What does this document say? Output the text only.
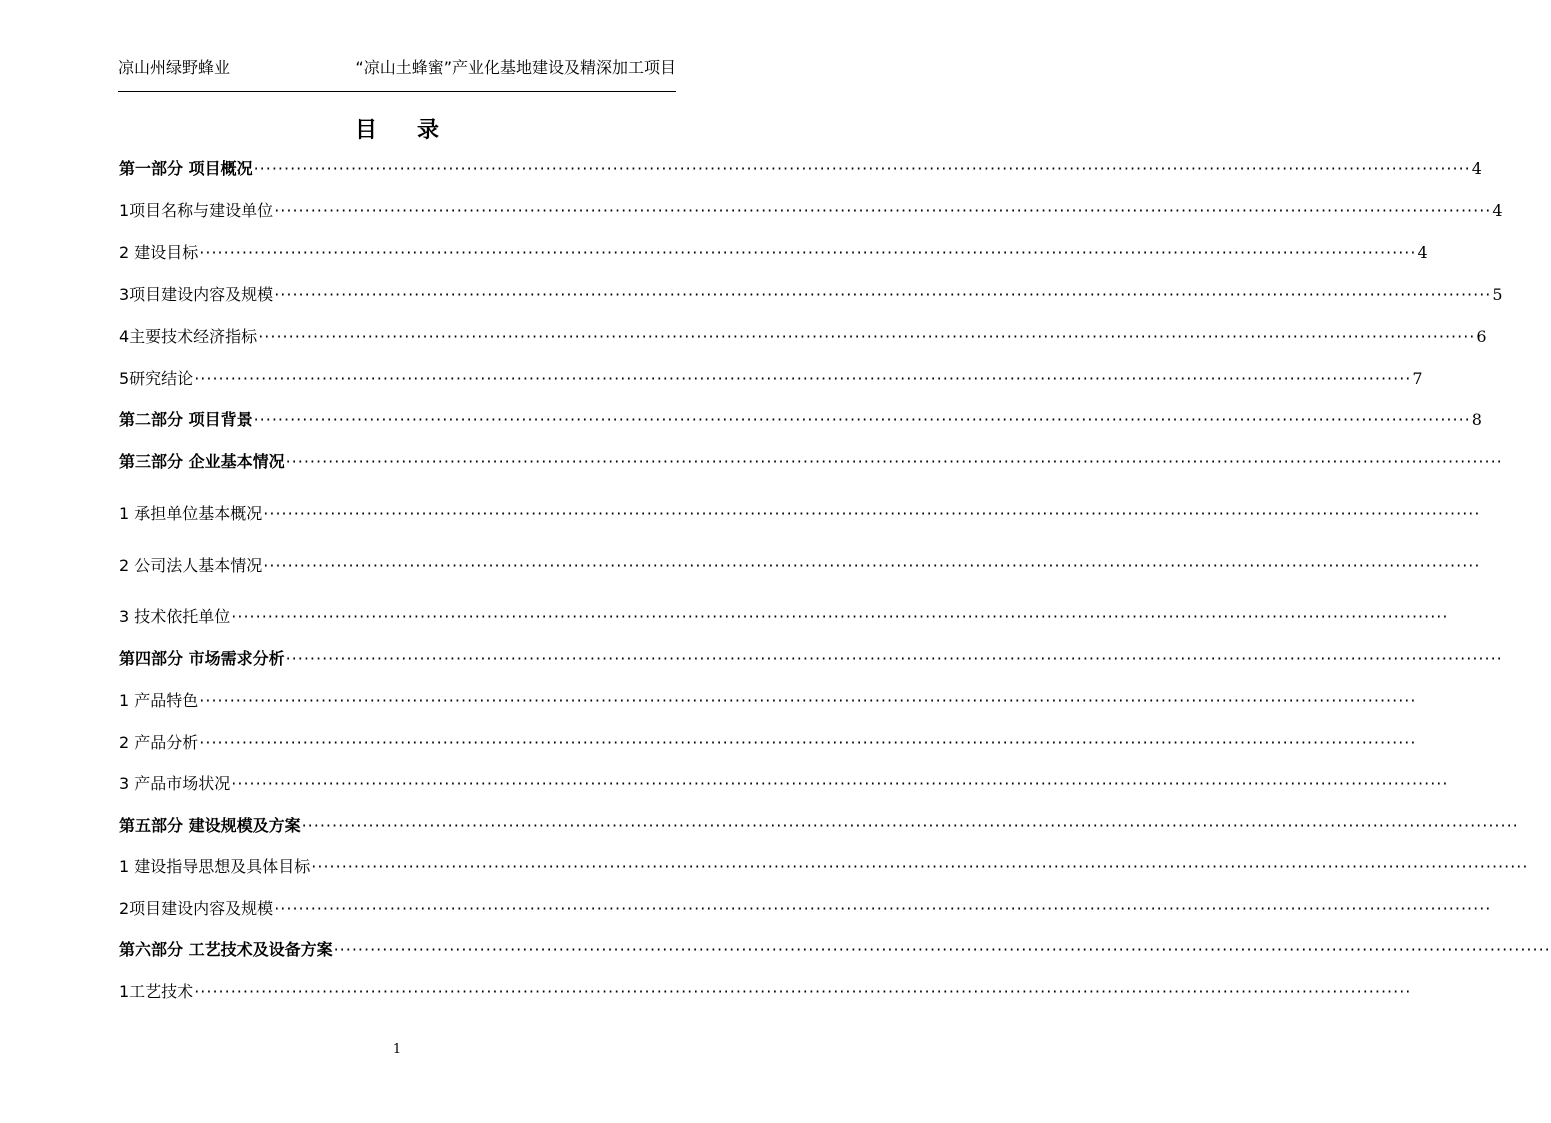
凉山州绿野蜂业	“凉山土蜂蜜”产业化基地建设及精深加工项目
目录
第一部分 项目概况 ········································································································································································································ 4
1项目名称与建设单位 ········································································································································································································ 4
2 建设目标 ········································································································································································································ 4
3项目建设内容及规模 ········································································································································································································ 5
4主要技术经济指标 ········································································································································································································ 6
5研究结论 ········································································································································································································ 7
第二部分 项目背景 ········································································································································································································ 8
第三部分 企业基本情况 ········································································································································································································
1 承担单位基本概况 ········································································································································································································
2 公司法人基本情况 ········································································································································································································
3 技术依托单位 ········································································································································································································
第四部分 市场需求分析 ········································································································································································································
1 产品特色 ········································································································································································································
2 产品分析 ········································································································································································································
3 产品市场状况 ········································································································································································································
第五部分 建设规模及方案 ········································································································································································································
1 建设指导思想及具体目标 ········································································································································································································
2项目建设内容及规模 ········································································································································································································
第六部分 工艺技术及设备方案 ········································································································································································································
1工艺技术 ········································································································································································································
1
